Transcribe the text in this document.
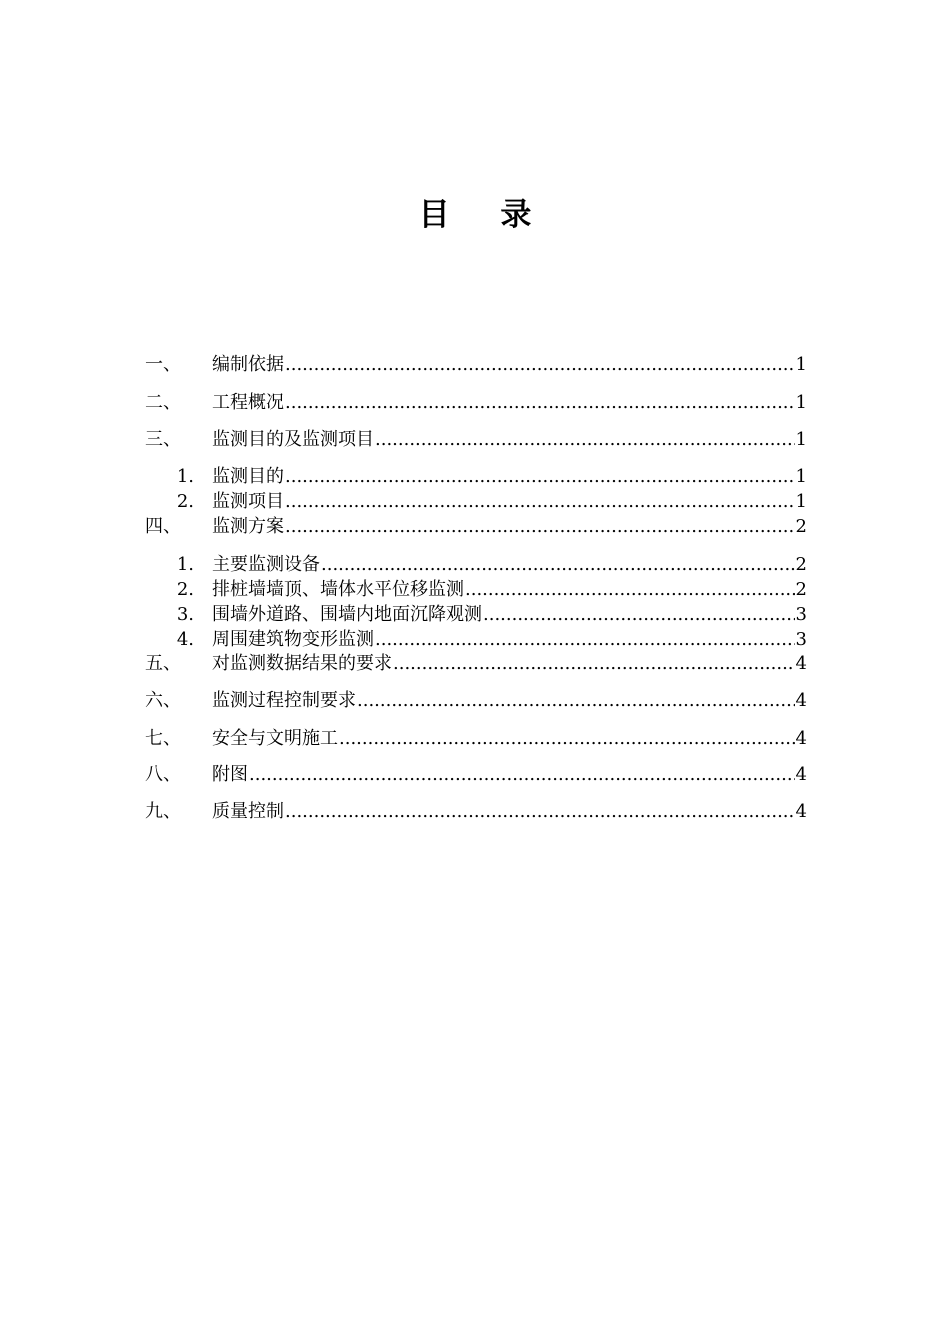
目 录
一、	编制依据 .....	1
二、	工程概况 .....	1
三、	监测目的及监测项目 .....	1
1.	监测目的 .....	1
2.	监测项目 .....	1
四、	监测方案 .....	2
1.	主要监测设备 .....	2
2.	排桩墙墙顶、墙体水平位移监测 .....	2
3.	围墙外道路、围墙内地面沉降观测 .....	3
4.	周围建筑物变形监测 .....	3
五、	对监测数据结果的要求 .....	4
六、	监测过程控制要求 .....	4
七、	安全与文明施工 .....	4
八、	附图 .....	4
九、	质量控制 .....	4
